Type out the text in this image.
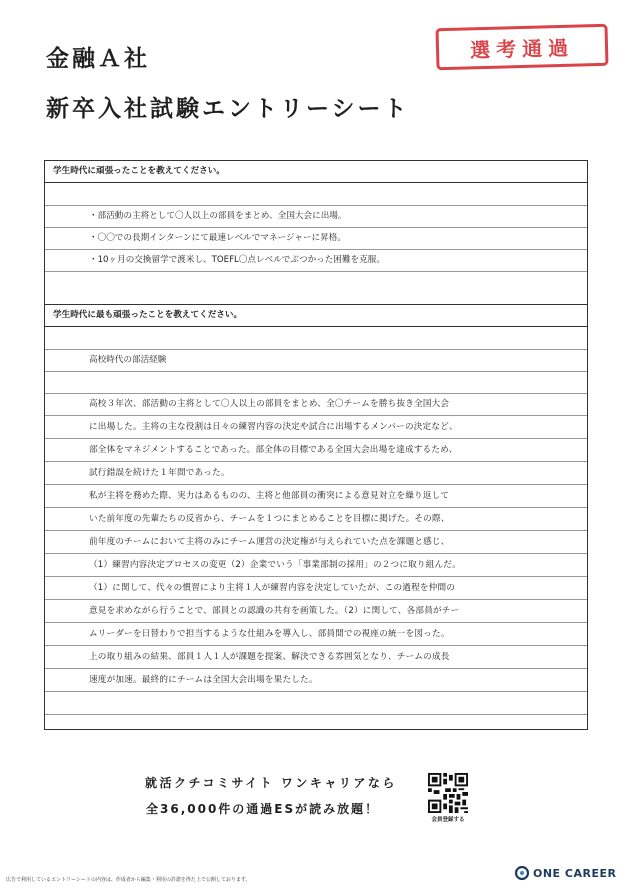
金融Ａ社
新卒入社試験エントリーシート
選考通過
学生時代に頑張ったことを教えてください。
・部活動の主将として〇人以上の部員をまとめ、全国大会に出場。
・〇〇での長期インターンにて最速レベルでマネージャーに昇格。
・10ヶ月の交換留学で渡米し、TOEFL〇点レベルでぶつかった困難を克服。
学生時代に最も頑張ったことを教えてください。
高校時代の部活経験
高校３年次、部活動の主将として〇人以上の部員をまとめ、全〇チームを勝ち抜き全国大会
に出場した。主将の主な役割は日々の練習内容の決定や試合に出場するメンバーの決定など、
部全体をマネジメントすることであった。部全体の目標である全国大会出場を達成するため、
試行錯誤を続けた１年間であった。
私が主将を務めた際、実力はあるものの、主将と他部員の衝突による意見対立を繰り返して
いた前年度の先輩たちの反省から、チームを１つにまとめることを目標に掲げた。その際、
前年度のチームにおいて主将のみにチーム運営の決定権が与えられていた点を課題と感じ、
（1）練習内容決定プロセスの変更（2）企業でいう「事業部制の採用」の２つに取り組んだ。
（1）に関して、代々の慣習により主将１人が練習内容を決定していたが、この過程を仲間の
意見を求めながら行うことで、部員との認識の共有を画策した。（2）に関して、各部員がチー
ムリーダーを日替わりで担当するような仕組みを導入し、部員間での視座の統一を図った。
上の取り組みの結果、部員１人１人が課題を提案、解決できる雰囲気となり、チームの成長
速度が加速。最終的にチームは全国大会出場を果たした。
就活クチコミサイト ワンキャリアなら
全36,000件の通過ESが読み放題！
会員登録する
広告で利用しているエントリーシートの内容は、作成者から編集・利用の許諾を得た上で公開しております。
ONE CAREER
